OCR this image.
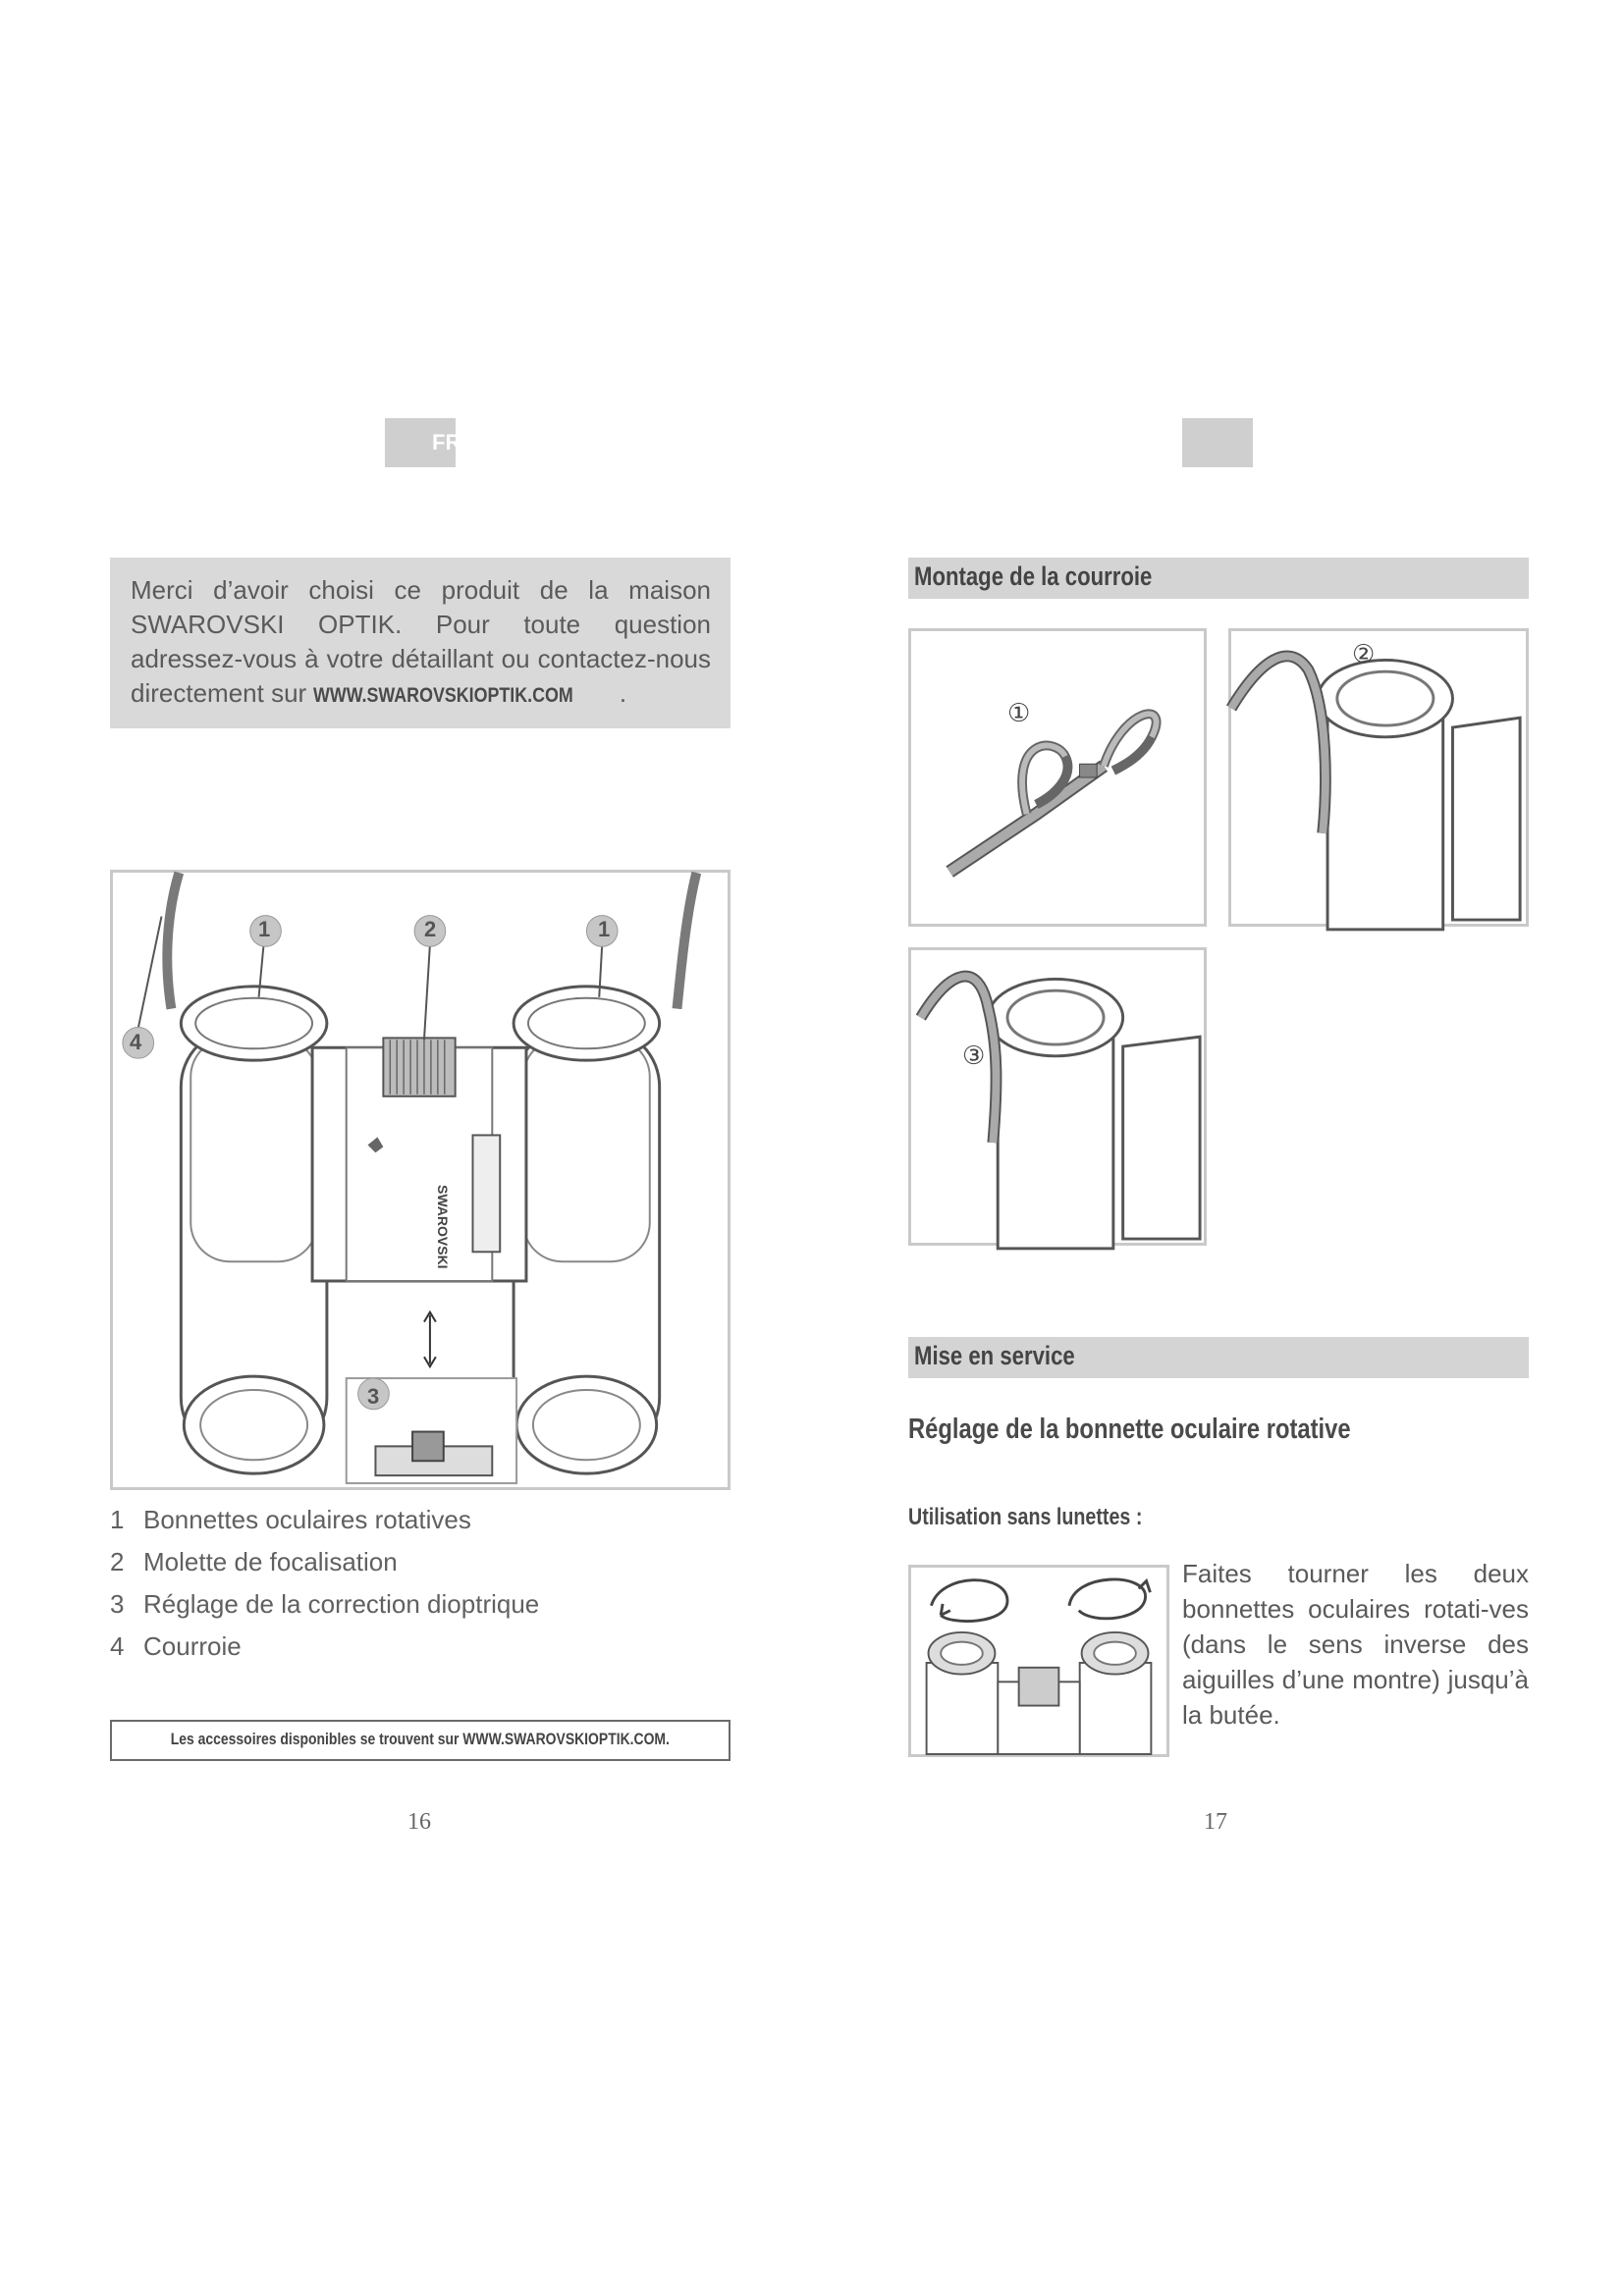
FR
Merci d’avoir choisi ce produit de la maison SWAROVSKI OPTIK. Pour toute question adressez-vous à votre détaillant ou contactez-nous directement sur WWW.SWAROVSKIOPTIK.COM .
1	2	1
4
3
SWAROVSKI
1 Bonnettes oculaires rotatives
2 Molette de focalisation
3 Réglage de la correction dioptrique
4 Courroie
Les accessoires disponibles se trouvent sur WWW.SWAROVSKIOPTIK.COM.
16
Montage de la courroie
①
②
③
Mise en service
Réglage de la bonnette oculaire rotative
Utilisation sans lunettes :
Faites tourner les deux bonnettes oculaires rotati-ves (dans le sens inverse des aiguilles d’une montre) jusqu’à la butée.
17
